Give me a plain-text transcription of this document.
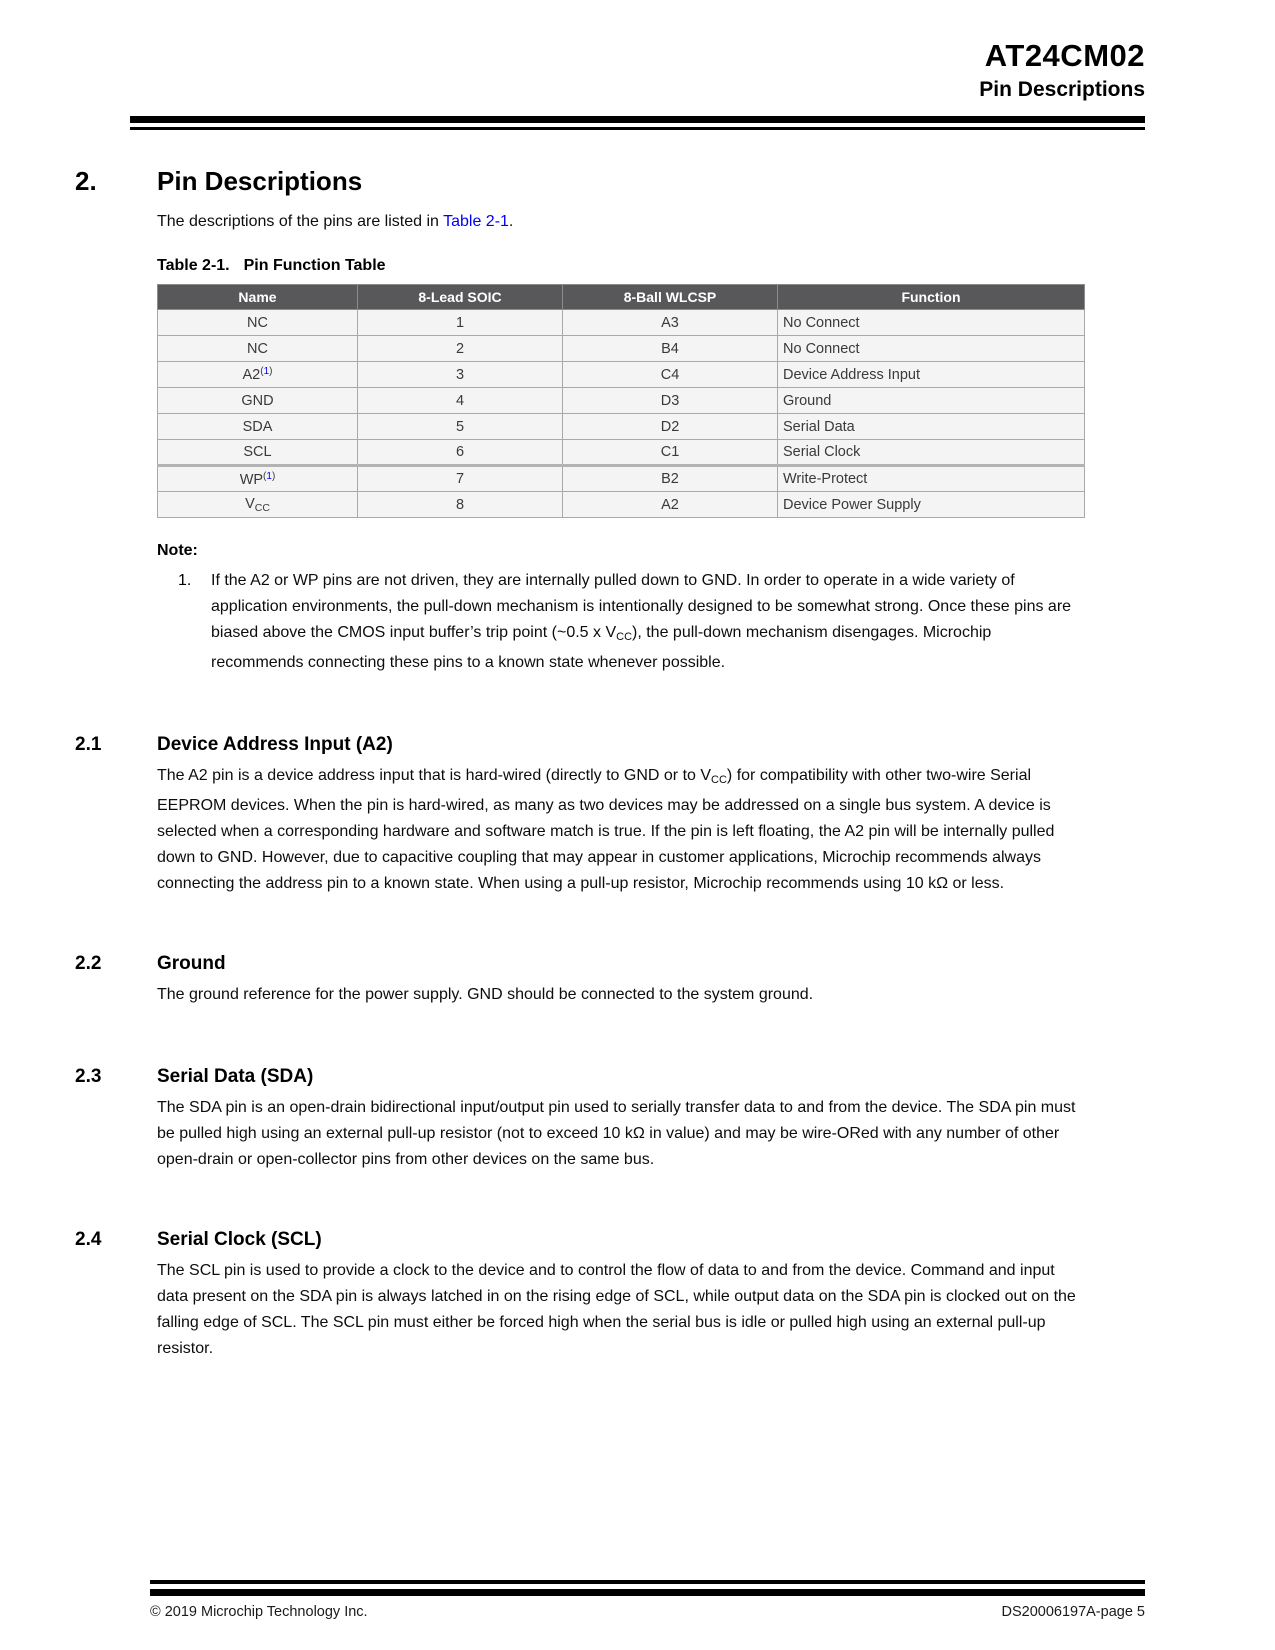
AT24CM02
Pin Descriptions
2.	Pin Descriptions

The descriptions of the pins are listed in Table 2-1.

Table 2-1. Pin Function Table
Name	8-Lead SOIC	8-Ball WLCSP	Function
NC	1	A3	No Connect
NC	2	B4	No Connect
A2$^{(1)}$	3	C4	Device Address Input
GND	4	D3	Ground
SDA	5	D2	Serial Data
SCL	6	C1	Serial Clock
WP$^{(1)}$	7	B2	Write-Protect
$V_{CC}$	8	A2	Device Power Supply
Note:
1.	If the A2 or WP pins are not driven, they are internally pulled down to GND. In order to operate in a wide variety of application environments, the pull-down mechanism is intentionally designed to be somewhat strong. Once these pins are biased above the CMOS input buffer’s trip point (~0.5 x $V_{CC}$), the pull-down mechanism disengages. Microchip recommends connecting these pins to a known state whenever possible.
2.1	Device Address Input (A2)

The A2 pin is a device address input that is hard-wired (directly to GND or to $V_{CC}$) for compatibility with other two-wire Serial EEPROM devices. When the pin is hard-wired, as many as two devices may be addressed on a single bus system. A device is selected when a corresponding hardware and software match is true. If the pin is left floating, the A2 pin will be internally pulled down to GND. However, due to capacitive coupling that may appear in customer applications, Microchip recommends always connecting the address pin to a known state. When using a pull-up resistor, Microchip recommends using 10 kΩ or less.

2.2	Ground

The ground reference for the power supply. GND should be connected to the system ground.

2.3	Serial Data (SDA)

The SDA pin is an open-drain bidirectional input/output pin used to serially transfer data to and from the device. The SDA pin must be pulled high using an external pull-up resistor (not to exceed 10 kΩ in value) and may be wire-ORed with any number of other open-drain or open-collector pins from other devices on the same bus.

2.4	Serial Clock (SCL)

The SCL pin is used to provide a clock to the device and to control the flow of data to and from the device. Command and input data present on the SDA pin is always latched in on the rising edge of SCL, while output data on the SDA pin is clocked out on the falling edge of SCL. The SCL pin must either be forced high when the serial bus is idle or pulled high using an external pull-up resistor.

© 2019 Microchip Technology Inc.	DS20006197A-page 5
